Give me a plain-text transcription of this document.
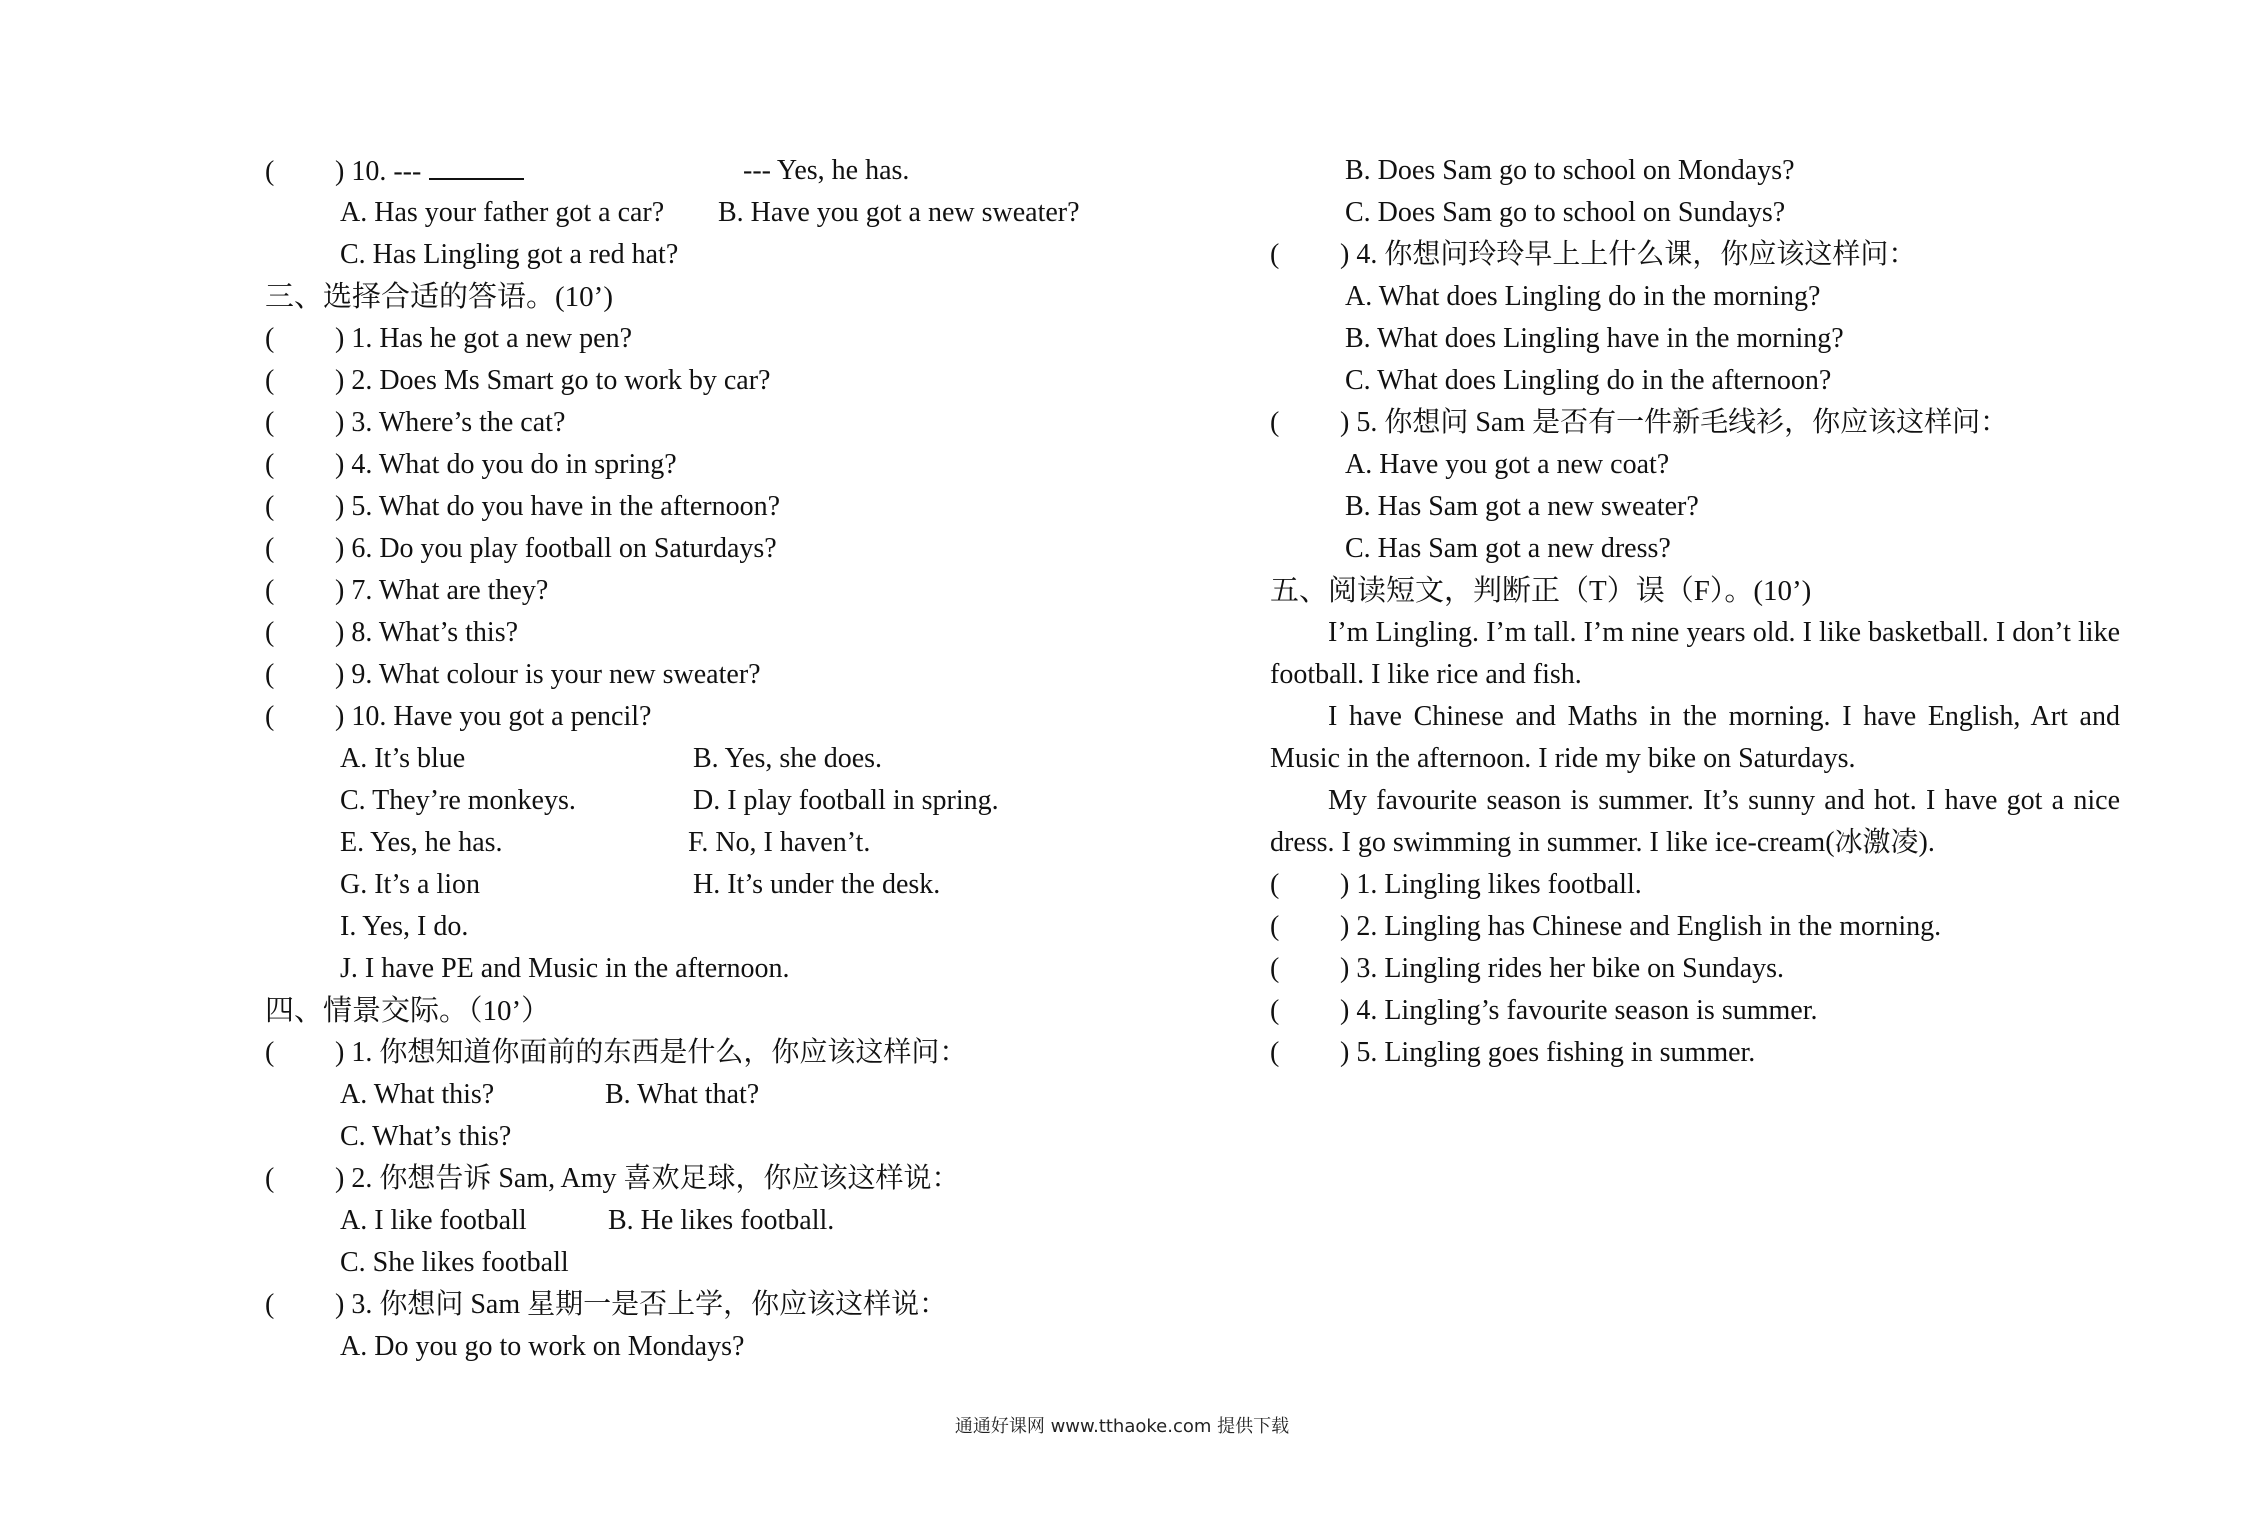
(	) 10. ---	--- Yes, he has.
A. Has your father got a car?	B. Have you got a new sweater?
C. Has Lingling got a red hat?
三、选择合适的答语。(10’)
(	) 1. Has he got a new pen?
(	) 2. Does Ms Smart go to work by car?
(	) 3. Where’s the cat?
(	) 4. What do you do in spring?
(	) 5. What do you have in the afternoon?
(	) 6. Do you play football on Saturdays?
(	) 7. What are they?
(	) 8. What’s this?
(	) 9. What colour is your new sweater?
(	) 10. Have you got a pencil?
A. It’s blue	B. Yes, she does.
C. They’re monkeys.	D. I play football in spring.
E. Yes, he has.	F. No, I haven’t.
G. It’s a lion	H. It’s under the desk.
I. Yes, I do.
J. I have PE and Music in the afternoon.
四、情景交际。（10’）
(	) 1. 你想知道你面前的东西是什么，你应该这样问：
A. What this?	B. What that?
C. What’s this?
(	) 2. 你想告诉 Sam, Amy 喜欢足球，你应该这样说：
A. I like football	B. He likes football.
C. She likes football
(	) 3. 你想问 Sam 星期一是否上学，你应该这样说：
A. Do you go to work on Mondays?
B. Does Sam go to school on Mondays?
C. Does Sam go to school on Sundays?
(	) 4. 你想问玲玲早上上什么课，你应该这样问：
A. What does Lingling do in the morning?
B. What does Lingling have in the morning?
C. What does Lingling do in the afternoon?
(	) 5. 你想问 Sam 是否有一件新毛线衫，你应该这样问：
A. Have you got a new coat?
B. Has Sam got a new sweater?
C. Has Sam got a new dress?
五、阅读短文，判断正（T）误（F）。(10’)
I’m Lingling. I’m tall. I’m nine years old. I like basketball. I don’t like football. I like rice and fish.
I have Chinese and Maths in the morning. I have English, Art and Music in the afternoon. I ride my bike on Saturdays.
My favourite season is summer. It’s sunny and hot. I have got a nice dress. I go swimming in summer. I like ice-cream(冰激凌).
(	) 1. Lingling likes football.
(	) 2. Lingling has Chinese and English in the morning.
(	) 3. Lingling rides her bike on Sundays.
(	) 4. Lingling’s favourite season is summer.
(	) 5. Lingling goes fishing in summer.
通通好课网 www.tthaoke.com 提供下载
